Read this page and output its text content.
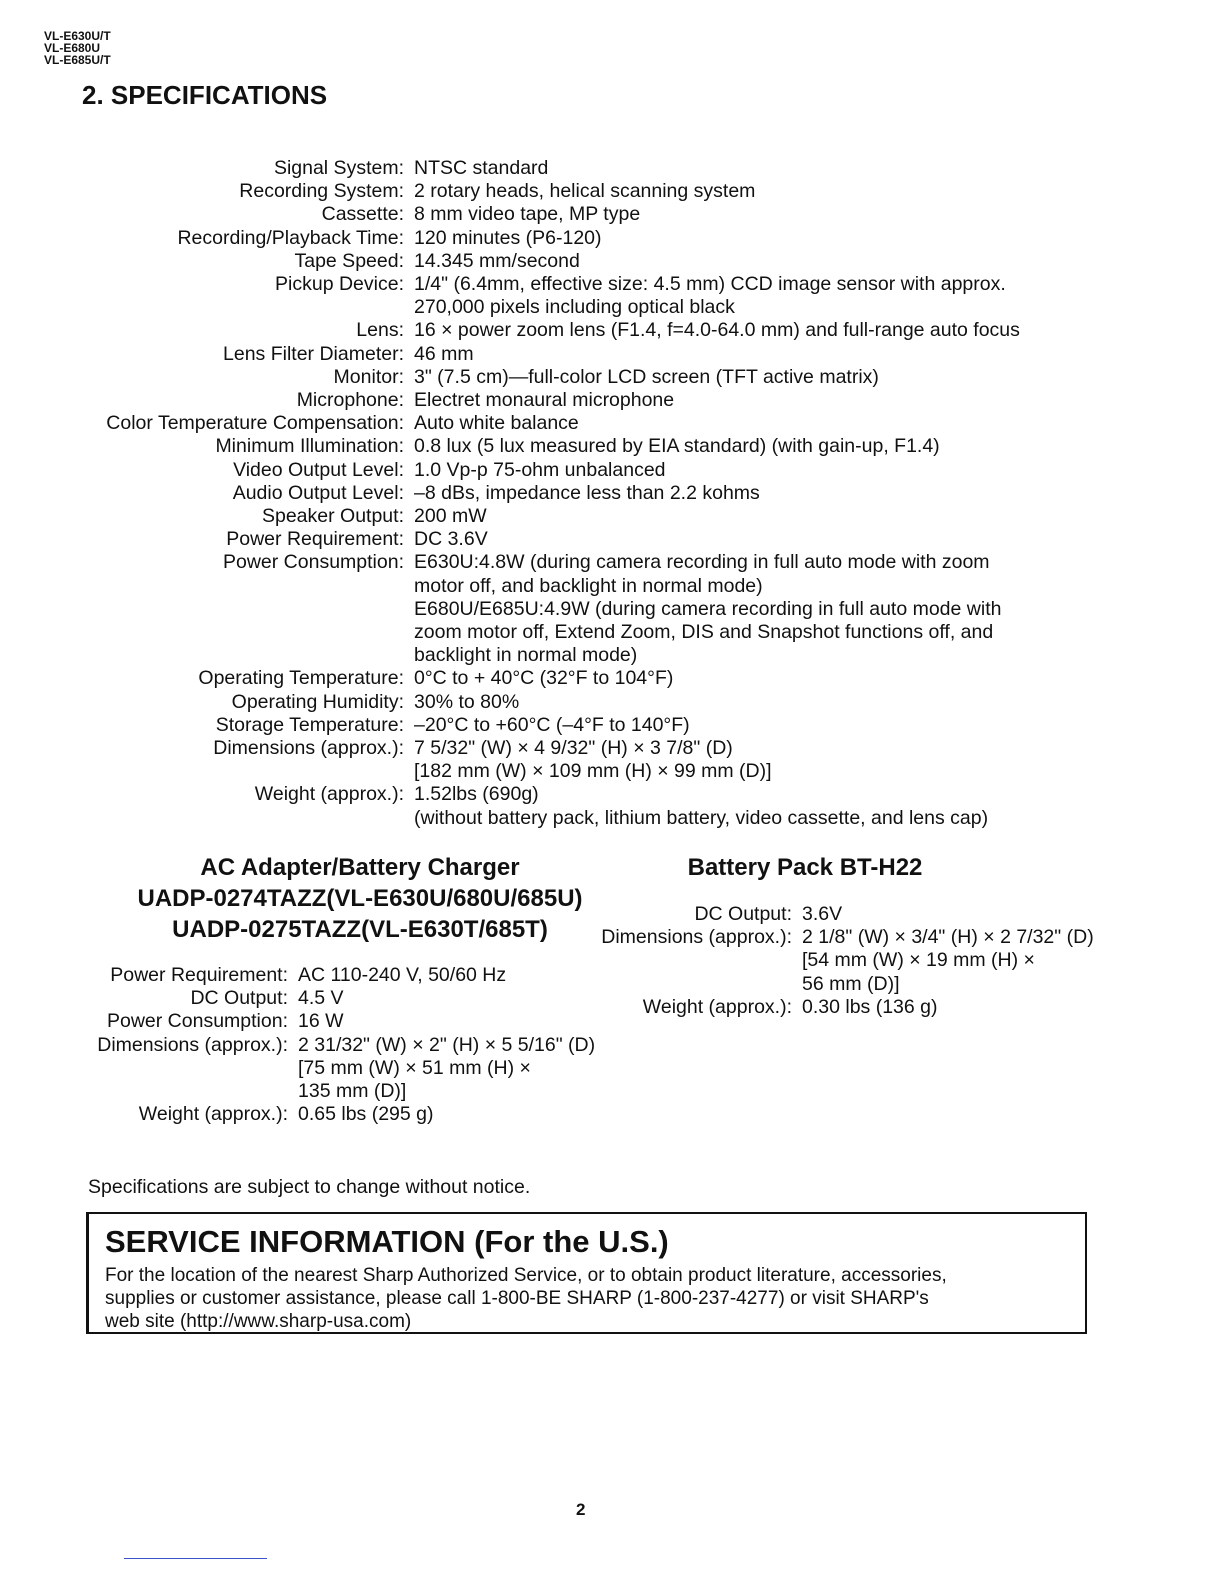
VL-E630U/T
VL-E680U
VL-E685U/T
2. SPECIFICATIONS
Signal System: NTSC standard
Recording System: 2 rotary heads, helical scanning system
Cassette: 8 mm video tape, MP type
Recording/Playback Time: 120 minutes (P6-120)
Tape Speed: 14.345 mm/second
Pickup Device: 1/4" (6.4mm, effective size: 4.5 mm) CCD image sensor with approx.
270,000 pixels including optical black
Lens: 16 × power zoom lens (F1.4, f=4.0-64.0 mm) and full-range auto focus
Lens Filter Diameter: 46 mm
Monitor: 3" (7.5 cm)—full-color LCD screen (TFT active matrix)
Microphone: Electret monaural microphone
Color Temperature Compensation: Auto white balance
Minimum Illumination: 0.8 lux (5 lux measured by EIA standard) (with gain-up, F1.4)
Video Output Level: 1.0 Vp-p 75-ohm unbalanced
Audio Output Level: –8 dBs, impedance less than 2.2 kohms
Speaker Output: 200 mW
Power Requirement: DC 3.6V
Power Consumption: E630U:4.8W (during camera recording in full auto mode with zoom
motor off, and backlight in normal mode)
E680U/E685U:4.9W (during camera recording in full auto mode with
zoom motor off, Extend Zoom, DIS and Snapshot functions off, and
backlight in normal mode)
Operating Temperature: 0°C to + 40°C (32°F to 104°F)
Operating Humidity: 30% to 80%
Storage Temperature: –20°C to +60°C (–4°F to 140°F)
Dimensions (approx.): 7 5/32" (W) × 4 9/32" (H) × 3 7/8" (D)
[182 mm (W) × 109 mm (H) × 99 mm (D)]
Weight (approx.): 1.52lbs (690g)
(without battery pack, lithium battery, video cassette, and lens cap)
AC Adapter/Battery Charger
UADP-0274TAZZ(VL-E630U/680U/685U)
UADP-0275TAZZ(VL-E630T/685T)
Power Requirement: AC 110-240 V, 50/60 Hz
DC Output: 4.5 V
Power Consumption: 16 W
Dimensions (approx.): 2 31/32" (W) × 2" (H) × 5 5/16" (D)
[75 mm (W) × 51 mm (H) ×
135 mm (D)]
Weight (approx.): 0.65 lbs (295 g)
Battery Pack BT-H22
DC Output: 3.6V
Dimensions (approx.): 2 1/8" (W) × 3/4" (H) × 2 7/32" (D)
[54 mm (W) × 19 mm (H) ×
56 mm (D)]
Weight (approx.): 0.30 lbs (136 g)
Specifications are subject to change without notice.
SERVICE INFORMATION (For the U.S.)

For the location of the nearest Sharp Authorized Service, or to obtain product literature, accessories,
supplies or customer assistance, please call 1-800-BE SHARP (1-800-237-4277) or visit SHARP's
web site (http://www.sharp-usa.com)

2
